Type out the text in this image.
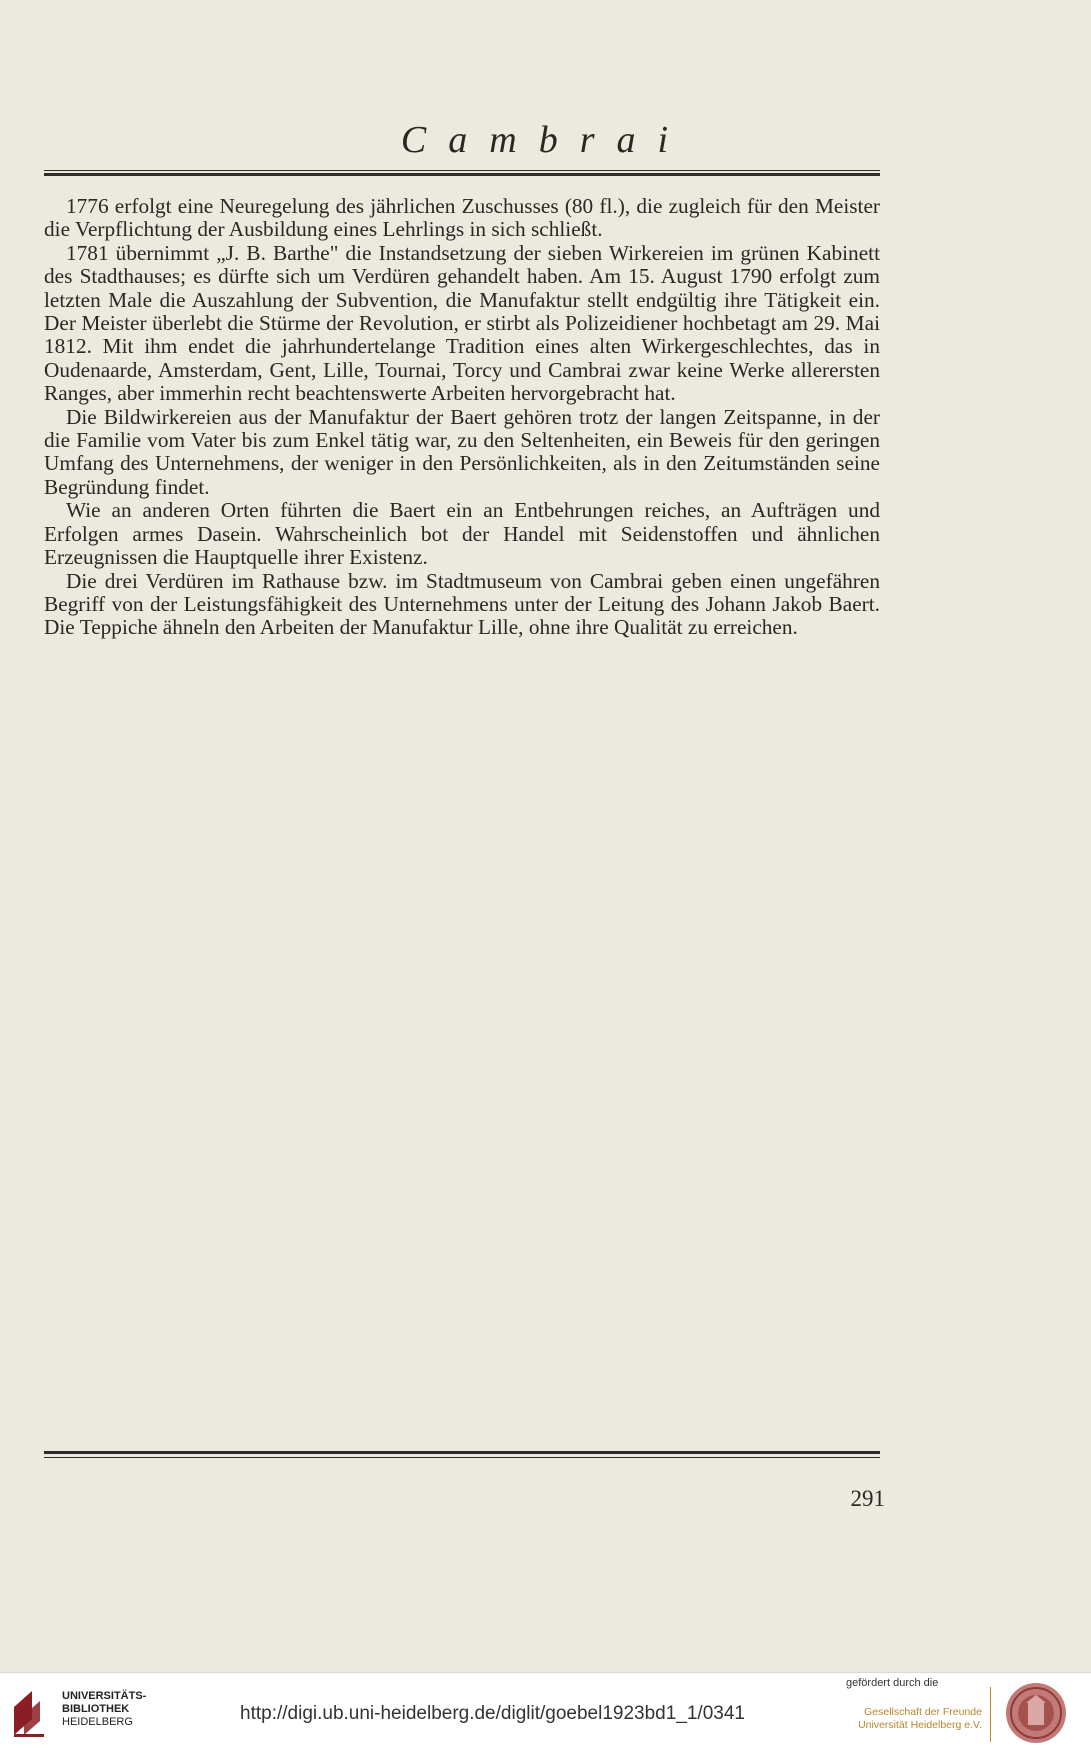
Cambrai

1776 erfolgt eine Neuregelung des jährlichen Zuschusses (80 fl.), die zugleich für den Meister die Verpflichtung der Ausbildung eines Lehrlings in sich schließt.

1781 übernimmt „J. B. Barthe" die Instandsetzung der sieben Wirkereien im grünen Kabinett des Stadthauses; es dürfte sich um Verdüren gehandelt haben. Am 15. August 1790 erfolgt zum letzten Male die Auszahlung der Subvention, die Manufaktur stellt endgültig ihre Tätigkeit ein. Der Meister überlebt die Stürme der Revolution, er stirbt als Polizeidiener hochbetagt am 29. Mai 1812. Mit ihm endet die jahrhundertelange Tradition eines alten Wirkergeschlechtes, das in Oudenaarde, Amsterdam, Gent, Lille, Tournai, Torcy und Cambrai zwar keine Werke allerersten Ranges, aber immerhin recht beachtenswerte Arbeiten hervorgebracht hat.

Die Bildwirkereien aus der Manufaktur der Baert gehören trotz der langen Zeitspanne, in der die Familie vom Vater bis zum Enkel tätig war, zu den Seltenheiten, ein Beweis für den geringen Umfang des Unternehmens, der weniger in den Persönlichkeiten, als in den Zeitumständen seine Begründung findet.

Wie an anderen Orten führten die Baert ein an Entbehrungen reiches, an Aufträgen und Erfolgen armes Dasein. Wahrscheinlich bot der Handel mit Seidenstoffen und ähnlichen Erzeugnissen die Hauptquelle ihrer Existenz.

Die drei Verdüren im Rathause bzw. im Stadtmuseum von Cambrai geben einen ungefähren Begriff von der Leistungsfähigkeit des Unternehmens unter der Leitung des Johann Jakob Baert. Die Teppiche ähneln den Arbeiten der Manufaktur Lille, ohne ihre Qualität zu erreichen.

291
UNIVERSITÄTS-
BIBLIOTHEK
HEIDELBERG	http://digi.ub.uni-heidelberg.de/diglit/goebel1923bd1_1/0341
gefördert durch die
Gesellschaft der Freunde
Universität Heidelberg e.V.
